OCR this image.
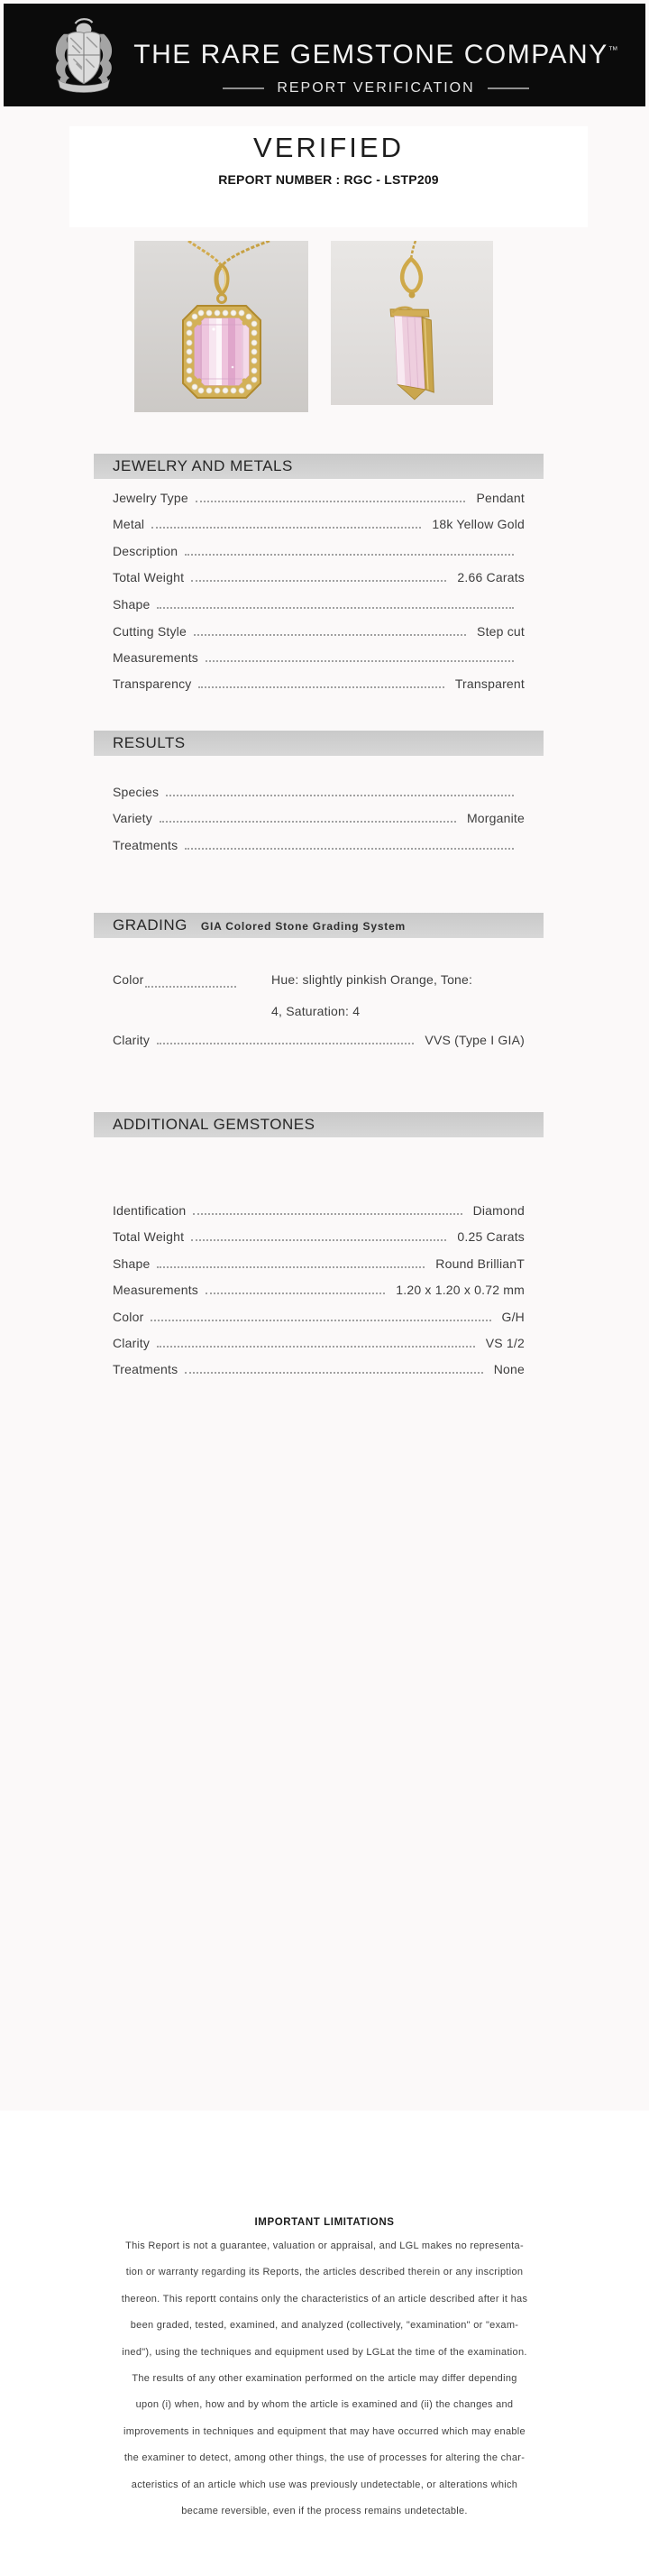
THE RARE GEMSTONE COMPANY™
REPORT VERIFICATION
VERIFIED
REPORT NUMBER : RGC - LSTP209
JEWELRY AND METALS
Jewelry Type	Pendant
Metal	18k Yellow Gold
Description
Total Weight	2.66 Carats
Shape
Cutting Style	Step cut
Measurements
Transparency	Transparent
RESULTS
Species
Variety	Morganite
Treatments
GRADING GIA Colored Stone Grading System
Color	Hue: slightly pinkish Orange, Tone:
4, Saturation: 4
Clarity	VVS (Type I GIA)
ADDITIONAL GEMSTONES
Identification	Diamond
Total Weight	0.25 Carats
Shape	Round BrillianT
Measurements	1.20 x 1.20 x 0.72 mm
Color	G/H
Clarity	VS 1/2
Treatments	None
IMPORTANT LIMITATIONS
This Report is not a guarantee, valuation or appraisal, and LGL makes no representa-
tion or warranty regarding its Reports, the articles described therein or any inscription
thereon. This reportt contains only the characteristics of an article described after it has
been graded, tested, examined, and analyzed (collectively, "examination" or "exam-
ined"), using the techniques and equipment used by LGLat the time of the examination.
The results of any other examination performed on the article may differ depending
upon (i) when, how and by whom the article is examined and (ii) the changes and
improvements in techniques and equipment that may have occurred which may enable
the examiner to detect, among other things, the use of processes for altering the char-
acteristics of an article which use was previously undetectable, or alterations which
became reversible, even if the process remains undetectable.
